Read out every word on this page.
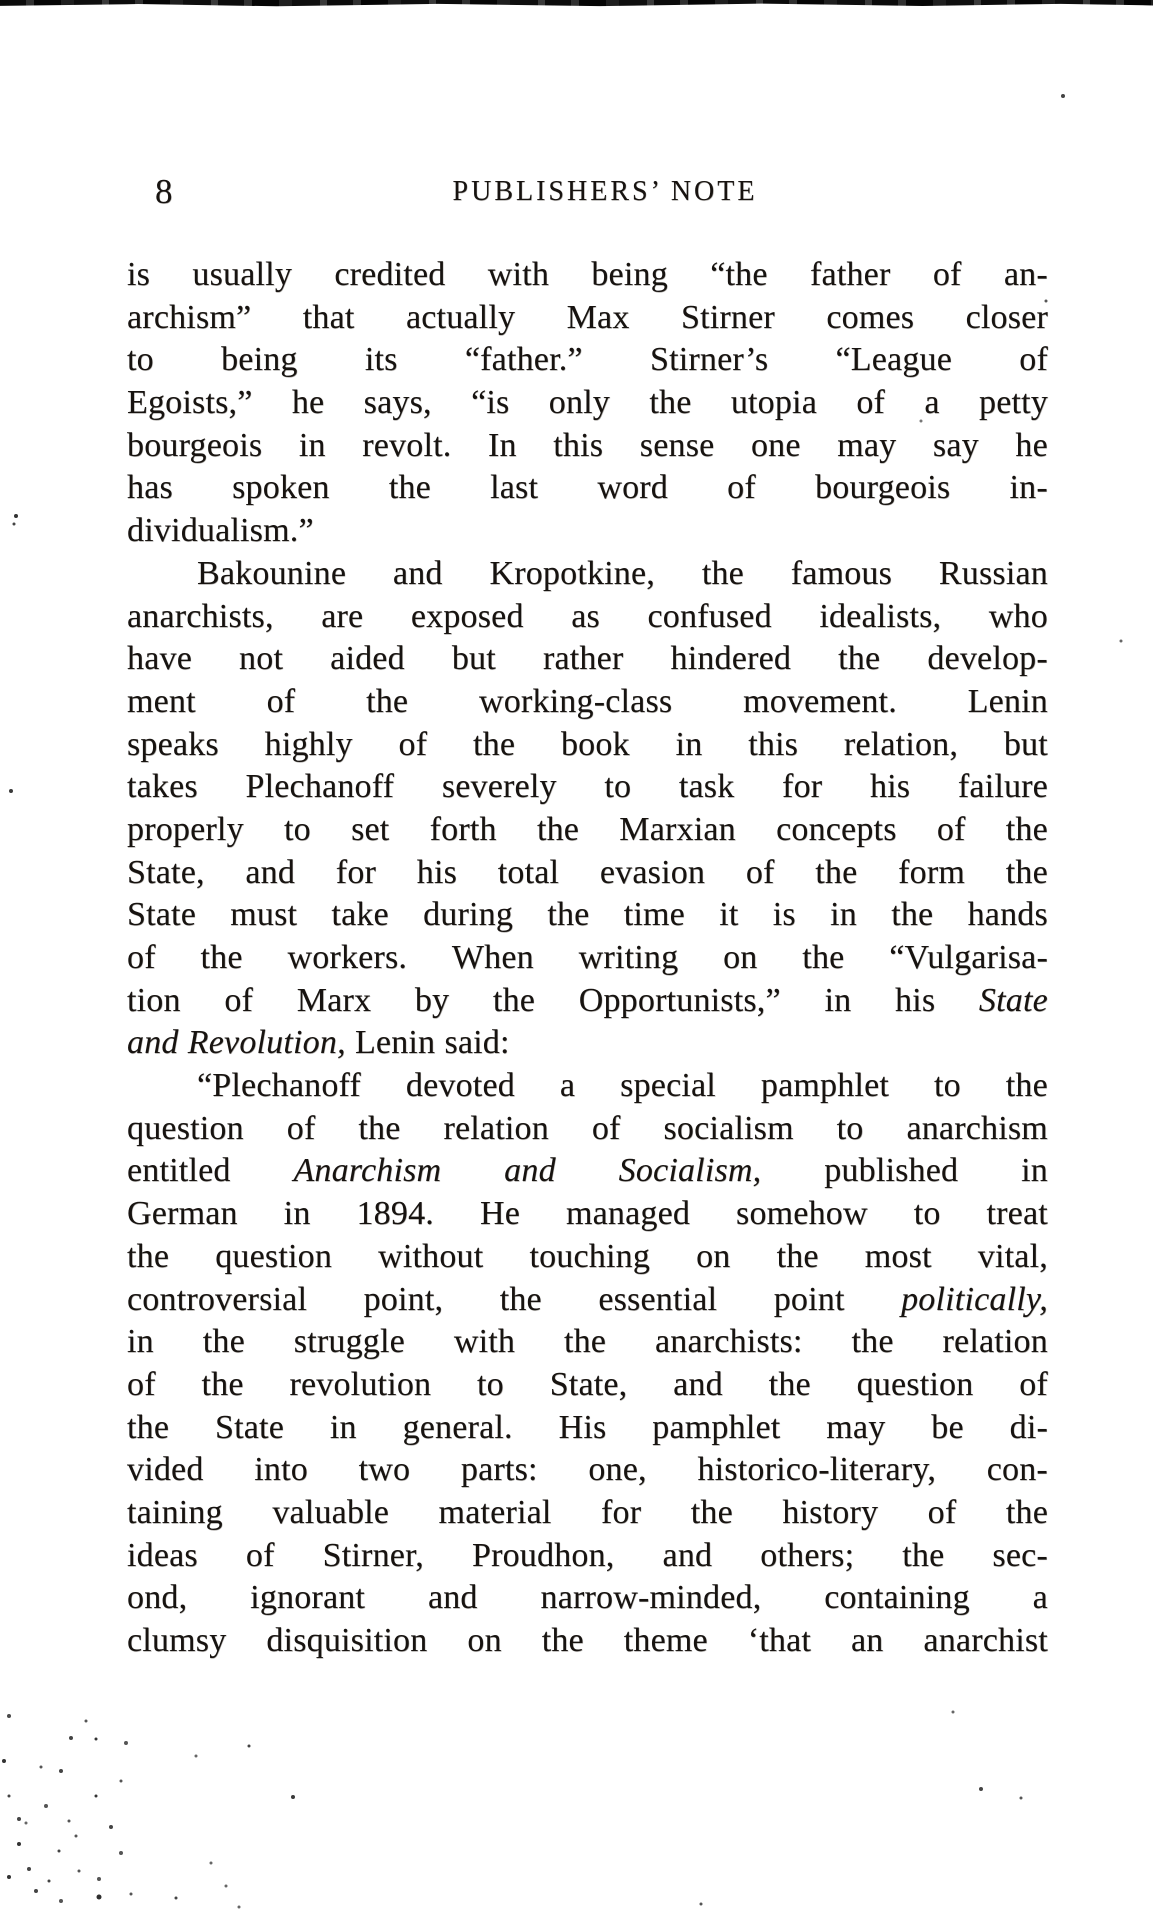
8	PUBLISHERS’ NOTE
is usually credited with being “the father of an-
archism” that actually Max Stirner comes closer
to being its “father.” Stirner’s “League of
Egoists,” he says, “is only the utopia of a petty
bourgeois in revolt. In this sense one may say he
has spoken the last word of bourgeois in-
dividualism.”
Bakounine and Kropotkine, the famous Russian
anarchists, are exposed as confused idealists, who
have not aided but rather hindered the develop-
ment of the working-class movement. Lenin
speaks highly of the book in this relation, but
takes Plechanoff severely to task for his failure
properly to set forth the Marxian concepts of the
State, and for his total evasion of the form the
State must take during the time it is in the hands
of the workers. When writing on the “Vulgarisa-
tion of Marx by the Opportunists,” in his State
and Revolution, Lenin said:
“Plechanoff devoted a special pamphlet to the
question of the relation of socialism to anarchism
entitled Anarchism and Socialism, published in
German in 1894. He managed somehow to treat
the question without touching on the most vital,
controversial point, the essential point politically,
in the struggle with the anarchists: the relation
of the revolution to State, and the question of
the State in general. His pamphlet may be di-
vided into two parts: one, historico-literary, con-
taining valuable material for the history of the
ideas of Stirner, Proudhon, and others; the sec-
ond, ignorant and narrow-minded, containing a
clumsy disquisition on the theme ‘that an anarchist
